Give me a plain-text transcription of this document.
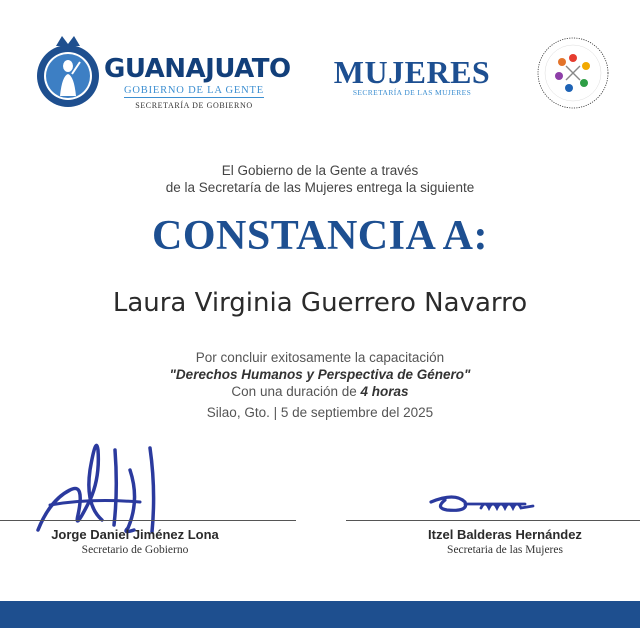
GUANAJUATO
GOBIERNO DE LA GENTE
SECRETARÍA DE GOBIERNO
MUJERES
SECRETARÍA DE LAS MUJERES
El Gobierno de la Gente a través
de la Secretaría de las Mujeres entrega la siguiente
CONSTANCIA A:
Laura Virginia Guerrero Navarro
Por concluir exitosamente la capacitación
"Derechos Humanos y Perspectiva de Género"
Con una duración de 4 horas
Silao, Gto. | 5 de septiembre del 2025
Jorge Daniel Jiménez Lona
Secretario de Gobierno
Itzel Balderas Hernández
Secretaria de las Mujeres
